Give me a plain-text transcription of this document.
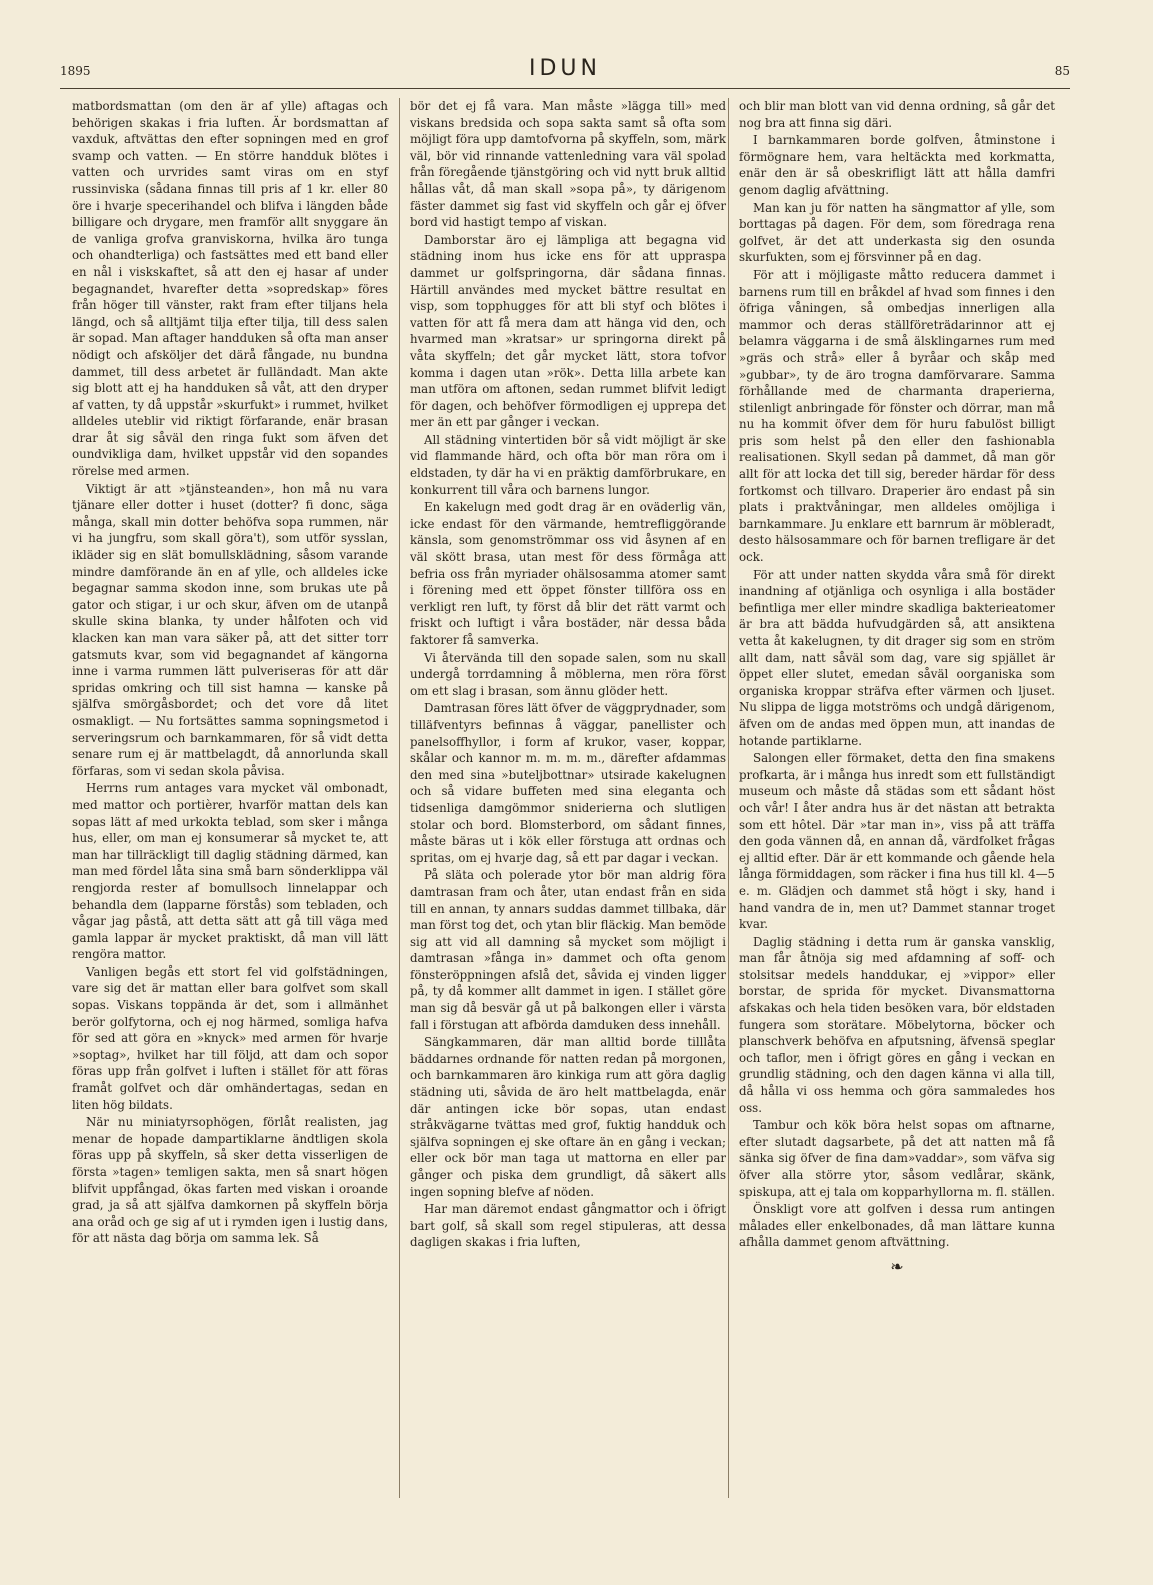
1895	IDUN	85

matbordsmattan (om den är af ylle) aftagas och behörigen skakas i fria luften. Är bordsmattan af vaxduk, aftvättas den efter sopningen med en grof svamp och vatten. — En större handduk blötes i vatten och urvrides samt viras om en styf russinviska (sådana finnas till pris af 1 kr. eller 80 öre i hvarje specerihandel och blifva i längden både billigare och drygare, men framför allt snyggare än de vanliga grofva granviskorna, hvilka äro tunga och ohandterliga) och fastsättes med ett band eller en nål i viskskaftet, så att den ej hasar af under begagnandet, hvarefter detta »sopredskap» föres från höger till vänster, rakt fram efter tiljans hela längd, och så alltjämt tilja efter tilja, till dess salen är sopad. Man aftager handduken så ofta man anser nödigt och afsköljer det därå fångade, nu bundna dammet, till dess arbetet är fulländadt. Man akte sig blott att ej ha handduken så våt, att den dryper af vatten, ty då uppstår »skurfukt» i rummet, hvilket alldeles uteblir vid riktigt förfarande, enär brasan drar åt sig såväl den ringa fukt som äfven det oundvikliga dam, hvilket uppstår vid den sopandes rörelse med armen.

Viktigt är att »tjänsteanden», hon må nu vara tjänare eller dotter i huset (dotter? fi donc, säga många, skall min dotter behöfva sopa rummen, när vi ha jungfru, som skall göra't), som utför sysslan, ikläder sig en slät bomullsklädning, såsom varande mindre damförande än en af ylle, och alldeles icke begagnar samma skodon inne, som brukas ute på gator och stigar, i ur och skur, äfven om de utanpå skulle skina blanka, ty under hålfoten och vid klacken kan man vara säker på, att det sitter torr gatsmuts kvar, som vid begagnandet af kängorna inne i varma rummen lätt pulveriseras för att där spridas omkring och till sist hamna — kanske på själfva smörgåsbordet; och det vore då litet osmakligt. — Nu fortsättes samma sopningsmetod i serveringsrum och barnkammaren, för så vidt detta senare rum ej är mattbelagdt, då annorlunda skall förfaras, som vi sedan skola påvisa.

Herrns rum antages vara mycket väl ombonadt, med mattor och portièrer, hvarför mattan dels kan sopas lätt af med urkokta teblad, som sker i många hus, eller, om man ej konsumerar så mycket te, att man har tillräckligt till daglig städning därmed, kan man med fördel låta sina små barn sönderklippa väl rengjorda rester af bomullsoch linnelappar och behandla dem (lapparne förstås) som tebladen, och vågar jag påstå, att detta sätt att gå till väga med gamla lappar är mycket praktiskt, då man vill lätt rengöra mattor.

Vanligen begås ett stort fel vid golfstädningen, vare sig det är mattan eller bara golfvet som skall sopas. Viskans toppända är det, som i allmänhet berör golfytorna, och ej nog härmed, somliga hafva för sed att göra en »knyck» med armen för hvarje »soptag», hvilket har till följd, att dam och sopor föras upp från golfvet i luften i stället för att föras framåt golfvet och där omhändertagas, sedan en liten hög bildats.

När nu miniatyrsophögen, förlåt realisten, jag menar de hopade dampartiklarne ändtligen skola föras upp på skyffeln, så sker detta visserligen de första »tagen» temligen sakta, men så snart högen blifvit uppfångad, ökas farten med viskan i oroande grad, ja så att själfva damkornen på skyffeln börja ana oråd och ge sig af ut i rymden igen i lustig dans, för att nästa dag börja om samma lek. Så

bör det ej få vara. Man måste »lägga till» med viskans bredsida och sopa sakta samt så ofta som möjligt föra upp damtofvorna på skyffeln, som, märk väl, bör vid rinnande vattenledning vara väl spolad från föregående tjänstgöring och vid nytt bruk alltid hållas våt, då man skall »sopa på», ty därigenom fäster dammet sig fast vid skyffeln och går ej öfver bord vid hastigt tempo af viskan.

Damborstar äro ej lämpliga att begagna vid städning inom hus icke ens för att uppraspa dammet ur golfspringorna, där sådana finnas. Härtill användes med mycket bättre resultat en visp, som topphugges för att bli styf och blötes i vatten för att få mera dam att hänga vid den, och hvarmed man »kratsar» ur springorna direkt på våta skyffeln; det går mycket lätt, stora tofvor komma i dagen utan »rök». Detta lilla arbete kan man utföra om aftonen, sedan rummet blifvit ledigt för dagen, och behöfver förmodligen ej upprepa det mer än ett par gånger i veckan.

All städning vintertiden bör så vidt möjligt är ske vid flammande härd, och ofta bör man röra om i eldstaden, ty där ha vi en präktig damförbrukare, en konkurrent till våra och barnens lungor.

En kakelugn med godt drag är en oväderlig vän, icke endast för den värmande, hemtrefliggörande känsla, som genomströmmar oss vid åsynen af en väl skött brasa, utan mest för dess förmåga att befria oss från myriader ohälsosamma atomer samt i förening med ett öppet fönster tillföra oss en verkligt ren luft, ty först då blir det rätt varmt och friskt och luftigt i våra bostäder, när dessa båda faktorer få samverka.

Vi återvända till den sopade salen, som nu skall undergå torrdamning å möblerna, men röra först om ett slag i brasan, som ännu glöder hett.

Damtrasan föres lätt öfver de väggprydnader, som tilläfventyrs befinnas å väggar, panellister och panelsoffhyllor, i form af krukor, vaser, koppar, skålar och kannor m. m. m. m., därefter afdammas den med sina »buteljbottnar» utsirade kakelugnen och så vidare buffeten med sina eleganta och tidsenliga damgömmor sniderierna och slutligen stolar och bord. Blomsterbord, om sådant finnes, måste bäras ut i kök eller förstuga att ordnas och spritas, om ej hvarje dag, så ett par dagar i veckan.

På släta och polerade ytor bör man aldrig föra damtrasan fram och åter, utan endast från en sida till en annan, ty annars suddas dammet tillbaka, där man först tog det, och ytan blir fläckig. Man bemöde sig att vid all damning så mycket som möjligt i damtrasan »fånga in» dammet och ofta genom fönsteröppningen afslå det, såvida ej vinden ligger på, ty då kommer allt dammet in igen. I stället göre man sig då besvär gå ut på balkongen eller i värsta fall i förstugan att afbörda damduken dess innehåll.

Sängkammaren, där man alltid borde tilllåta bäddarnes ordnande för natten redan på morgonen, och barnkammaren äro kinkiga rum att göra daglig städning uti, såvida de äro helt mattbelagda, enär där antingen icke bör sopas, utan endast stråkvägarne tvättas med grof, fuktig handduk och själfva sopningen ej ske oftare än en gång i veckan; eller ock bör man taga ut mattorna en eller par gånger och piska dem grundligt, då säkert alls ingen sopning blefve af nöden.

Har man däremot endast gångmattor och i öfrigt bart golf, så skall som regel stipuleras, att dessa dagligen skakas i fria luften,

och blir man blott van vid denna ordning, så går det nog bra att finna sig däri.

I barnkammaren borde golfven, åtminstone i förmögnare hem, vara heltäckta med korkmatta, enär den är så obeskrifligt lätt att hålla damfri genom daglig afvättning.

Man kan ju för natten ha sängmattor af ylle, som borttagas på dagen. För dem, som föredraga rena golfvet, är det att underkasta sig den osunda skurfukten, som ej försvinner på en dag.

För att i möjligaste måtto reducera dammet i barnens rum till en bråkdel af hvad som finnes i den öfriga våningen, så ombedjas innerligen alla mammor och deras ställföreträdarinnor att ej belamra väggarna i de små älsklingarnes rum med »gräs och strå» eller å byråar och skåp med »gubbar», ty de äro trogna damförvarare. Samma förhållande med de charmanta draperierna, stilenligt anbringade för fönster och dörrar, man må nu ha kommit öfver dem för huru fabulöst billigt pris som helst på den eller den fashionabla realisationen. Skyll sedan på dammet, då man gör allt för att locka det till sig, bereder härdar för dess fortkomst och tillvaro. Draperier äro endast på sin plats i praktvåningar, men alldeles omöjliga i barnkammare. Ju enklare ett barnrum är möbleradt, desto hälsosammare och för barnen trefligare är det ock.

För att under natten skydda våra små för direkt inandning af otjänliga och osynliga i alla bostäder befintliga mer eller mindre skadliga bakterieatomer är bra att bädda hufvudgärden så, att ansiktena vetta åt kakelugnen, ty dit drager sig som en ström allt dam, natt såväl som dag, vare sig spjället är öppet eller slutet, emedan såväl oorganiska som organiska kroppar sträfva efter värmen och ljuset. Nu slippa de ligga motströms och undgå därigenom, äfven om de andas med öppen mun, att inandas de hotande partiklarne.

Salongen eller förmaket, detta den fina smakens profkarta, är i många hus inredt som ett fullständigt museum och måste då städas som ett sådant höst och vår! I åter andra hus är det nästan att betrakta som ett hôtel. Där »tar man in», viss på att träffa den goda vännen då, en annan då, värdfolket frågas ej alltid efter. Där är ett kommande och gående hela långa förmiddagen, som räcker i fina hus till kl. 4—5 e. m. Glädjen och dammet stå högt i sky, hand i hand vandra de in, men ut? Dammet stannar troget kvar.

Daglig städning i detta rum är ganska vansklig, man får åtnöja sig med afdamning af soff- och stolsitsar medels handdukar, ej »vippor» eller borstar, de sprida för mycket. Divansmattorna afskakas och hela tiden besöken vara, bör eldstaden fungera som storätare. Möbelytorna, böcker och planschverk behöfva en afputsning, äfvensä speglar och taflor, men i öfrigt göres en gång i veckan en grundlig städning, och den dagen känna vi alla till, då hålla vi oss hemma och göra sammaledes hos oss.

Tambur och kök böra helst sopas om aftnarne, efter slutadt dagsarbete, på det att natten må få sänka sig öfver de fina dam»vaddar», som väfva sig öfver alla större ytor, såsom vedlårar, skänk, spiskupa, att ej tala om kopparhyllorna m. fl. ställen.

Önskligt vore att golfven i dessa rum antingen målades eller enkelbonades, då man lättare kunna afhålla dammet genom aftvättning.

❧
